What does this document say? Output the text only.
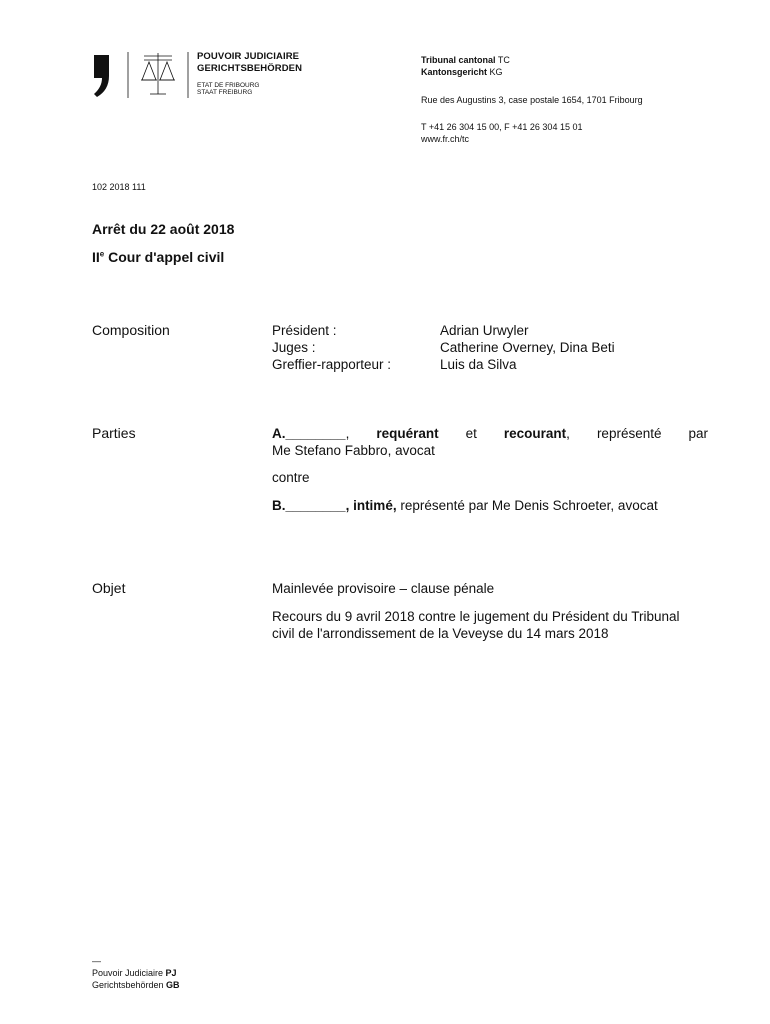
POUVOIR JUDICIAIRE
GERICHTSBEHÖRDEN
ETAT DE FRIBOURG
STAAT FREIBURG
Tribunal cantonal TC
Kantonsgericht KG
Rue des Augustins 3, case postale 1654, 1701 Fribourg
T +41 26 304 15 00, F +41 26 304 15 01
www.fr.ch/tc
102 2018 111
Arrêt du 22 août 2018
IIe Cour d'appel civil
Composition	Président :	Adrian Urwyler
Juges :	Catherine Overney, Dina Beti
Greffier-rapporteur :	Luis da Silva
Parties	A.________, requérant et recourant, représenté par
Me Stefano Fabbro, avocat
contre
B.________, intimé, représenté par Me Denis Schroeter, avocat
Objet	Mainlevée provisoire – clause pénale
Recours du 9 avril 2018 contre le jugement du Président du Tribunal
civil de l'arrondissement de la Veveyse du 14 mars 2018
—
Pouvoir Judiciaire PJ
Gerichtsbehörden GB
